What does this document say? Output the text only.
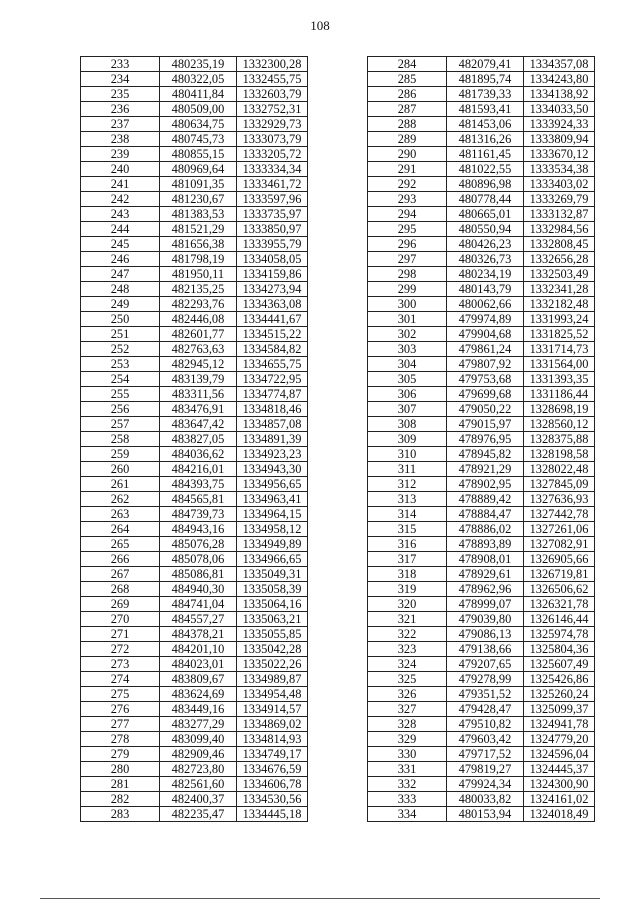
108
233	480235,19	1332300,28
234	480322,05	1332455,75
235	480411,84	1332603,79
236	480509,00	1332752,31
237	480634,75	1332929,73
238	480745,73	1333073,79
239	480855,15	1333205,72
240	480969,64	1333334,34
241	481091,35	1333461,72
242	481230,67	1333597,96
243	481383,53	1333735,97
244	481521,29	1333850,97
245	481656,38	1333955,79
246	481798,19	1334058,05
247	481950,11	1334159,86
248	482135,25	1334273,94
249	482293,76	1334363,08
250	482446,08	1334441,67
251	482601,77	1334515,22
252	482763,63	1334584,82
253	482945,12	1334655,75
254	483139,79	1334722,95
255	483311,56	1334774,87
256	483476,91	1334818,46
257	483647,42	1334857,08
258	483827,05	1334891,39
259	484036,62	1334923,23
260	484216,01	1334943,30
261	484393,75	1334956,65
262	484565,81	1334963,41
263	484739,73	1334964,15
264	484943,16	1334958,12
265	485076,28	1334949,89
266	485078,06	1334966,65
267	485086,81	1335049,31
268	484940,30	1335058,39
269	484741,04	1335064,16
270	484557,27	1335063,21
271	484378,21	1335055,85
272	484201,10	1335042,28
273	484023,01	1335022,26
274	483809,67	1334989,87
275	483624,69	1334954,48
276	483449,16	1334914,57
277	483277,29	1334869,02
278	483099,40	1334814,93
279	482909,46	1334749,17
280	482723,80	1334676,59
281	482561,60	1334606,78
282	482400,37	1334530,56
283	482235,47	1334445,18
284	482079,41	1334357,08
285	481895,74	1334243,80
286	481739,33	1334138,92
287	481593,41	1334033,50
288	481453,06	1333924,33
289	481316,26	1333809,94
290	481161,45	1333670,12
291	481022,55	1333534,38
292	480896,98	1333403,02
293	480778,44	1333269,79
294	480665,01	1333132,87
295	480550,94	1332984,56
296	480426,23	1332808,45
297	480326,73	1332656,28
298	480234,19	1332503,49
299	480143,79	1332341,28
300	480062,66	1332182,48
301	479974,89	1331993,24
302	479904,68	1331825,52
303	479861,24	1331714,73
304	479807,92	1331564,00
305	479753,68	1331393,35
306	479699,68	1331186,44
307	479050,22	1328698,19
308	479015,97	1328560,12
309	478976,95	1328375,88
310	478945,82	1328198,58
311	478921,29	1328022,48
312	478902,95	1327845,09
313	478889,42	1327636,93
314	478884,47	1327442,78
315	478886,02	1327261,06
316	478893,89	1327082,91
317	478908,01	1326905,66
318	478929,61	1326719,81
319	478962,96	1326506,62
320	478999,07	1326321,78
321	479039,80	1326146,44
322	479086,13	1325974,78
323	479138,66	1325804,36
324	479207,65	1325607,49
325	479278,99	1325426,86
326	479351,52	1325260,24
327	479428,47	1325099,37
328	479510,82	1324941,78
329	479603,42	1324779,20
330	479717,52	1324596,04
331	479819,27	1324445,37
332	479924,34	1324300,90
333	480033,82	1324161,02
334	480153,94	1324018,49
